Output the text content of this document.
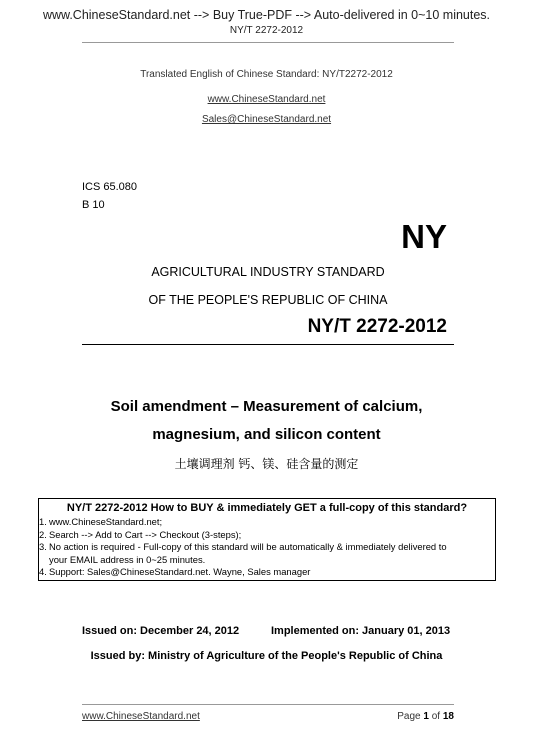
www.ChineseStandard.net --> Buy True-PDF --> Auto-delivered in 0~10 minutes.
NY/T 2272-2012
Translated English of Chinese Standard: NY/T2272-2012
www.ChineseStandard.net
Sales@ChineseStandard.net
ICS 65.080
B 10
NY
AGRICULTURAL INDUSTRY STANDARD
OF THE PEOPLE'S REPUBLIC OF CHINA
NY/T 2272-2012
Soil amendment – Measurement of calcium,
magnesium, and silicon content
土壤调理剂 钙、镁、硅含量的测定
NY/T 2272-2012 How to BUY & immediately GET a full-copy of this standard?
1. www.ChineseStandard.net;
2. Search --> Add to Cart --> Checkout (3-steps);
3. No action is required - Full-copy of this standard will be automatically & immediately delivered to
your EMAIL address in 0~25 minutes.
4. Support: Sales@ChineseStandard.net. Wayne, Sales manager
Issued on: December 24, 2012	Implemented on: January 01, 2013
Issued by: Ministry of Agriculture of the People's Republic of China
www.ChineseStandard.net	Page 1 of 18
